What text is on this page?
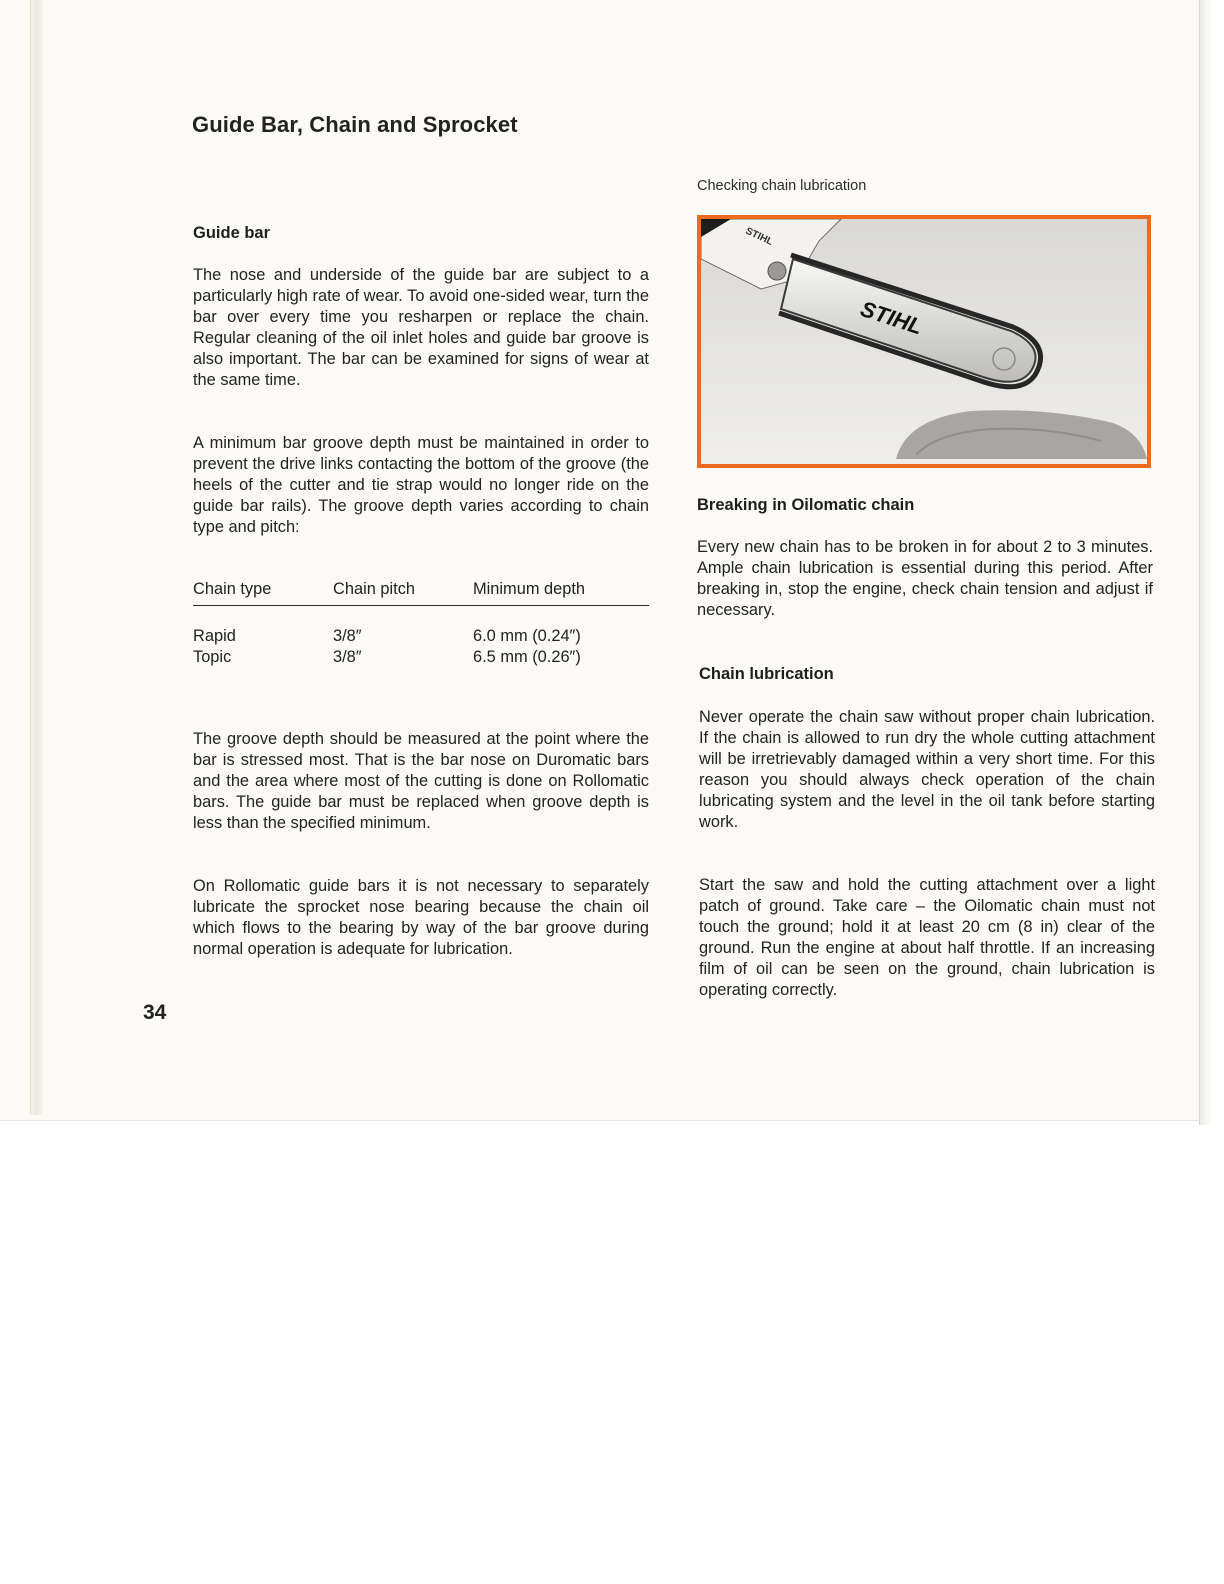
Guide Bar, Chain and Sprocket
Guide bar

The nose and underside of the guide bar are subject to a particularly high rate of wear. To avoid one-sided wear, turn the bar over every time you resharpen or replace the chain. Regular cleaning of the oil inlet holes and guide bar groove is also important. The bar can be examined for signs of wear at the same time.

A minimum bar groove depth must be maintained in order to prevent the drive links contacting the bottom of the groove (the heels of the cutter and tie strap would no longer ride on the guide bar rails). The groove depth varies according to chain type and pitch:

Chain type	Chain pitch	Minimum depth
Rapid	3/8″	6.0 mm (0.24″)
Topic	3/8″	6.5 mm (0.26″)

The groove depth should be measured at the point where the bar is stressed most. That is the bar nose on Duromatic bars and the area where most of the cutting is done on Rollomatic bars. The guide bar must be replaced when groove depth is less than the specified minimum.

On Rollomatic guide bars it is not necessary to separately lubricate the sprocket nose bearing because the chain oil which flows to the bearing by way of the bar groove during normal operation is adequate for lubrication.

34
Checking chain lubrication
STIHL
STIHL
Breaking in Oilomatic chain

Every new chain has to be broken in for about 2 to 3 minutes. Ample chain lubrication is essential during this period. After breaking in, stop the engine, check chain tension and adjust if necessary.

Chain lubrication

Never operate the chain saw without proper chain lubrication. If the chain is allowed to run dry the whole cutting attachment will be irretrievably damaged within a very short time. For this reason you should always check operation of the chain lubricating system and the level in the oil tank before starting work.

Start the saw and hold the cutting attachment over a light patch of ground. Take care – the Oilomatic chain must not touch the ground; hold it at least 20 cm (8 in) clear of the ground. Run the engine at about half throttle. If an increasing film of oil can be seen on the ground, chain lubrication is operating correctly.
